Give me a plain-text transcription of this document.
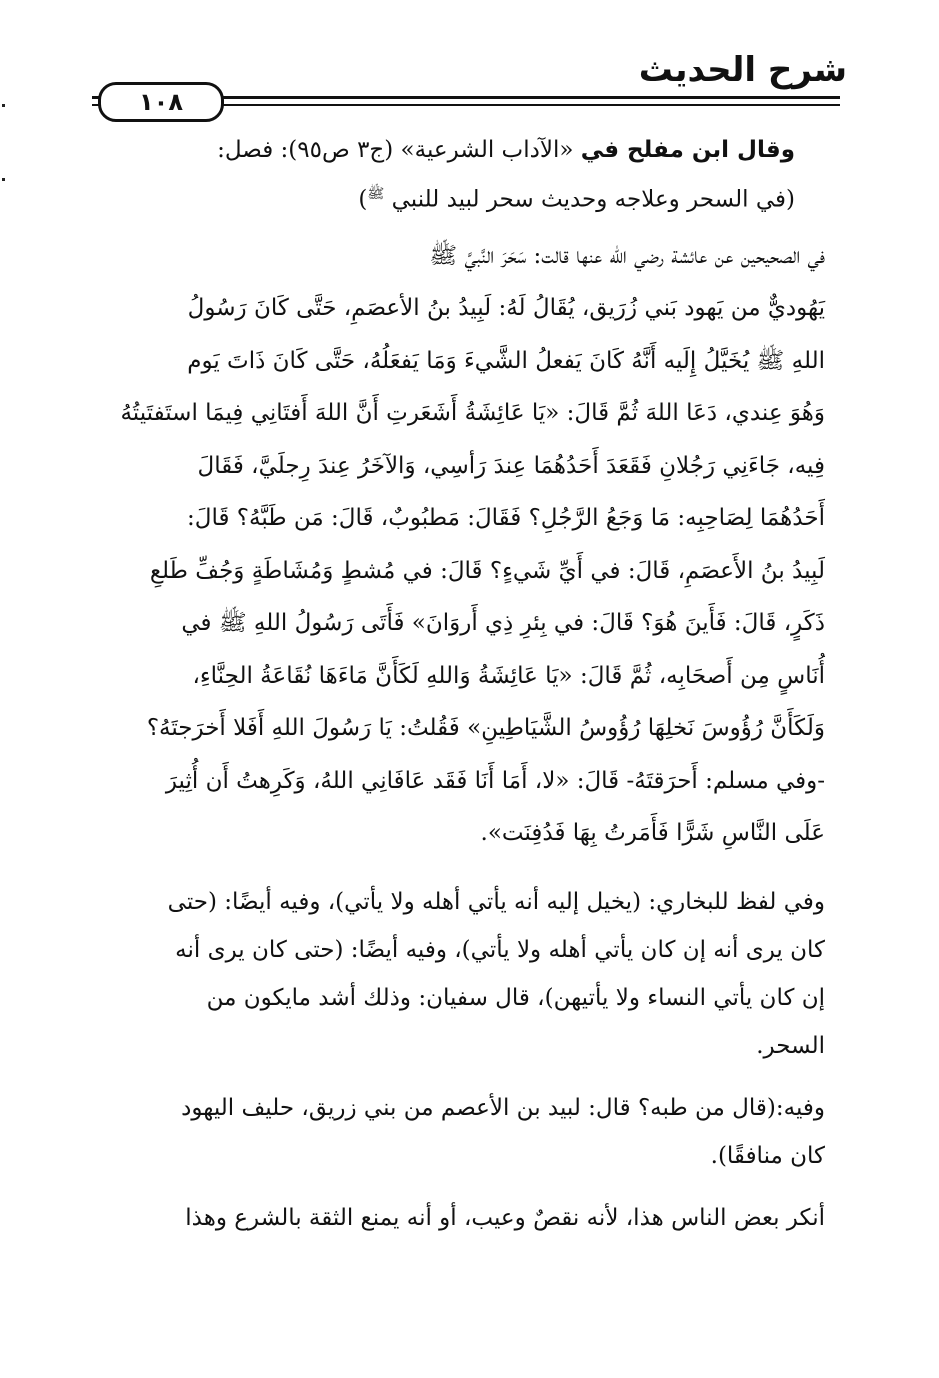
شرح الحديث
١٠٨

وقال ابن مفلح في «الآداب الشرعية» (ج٣ ص٩٥): فصل:
(في السحر وعلاجه وحديث سحر لبيد للنبي $^ﷺ$)

في الصحيحين عن عائشة رضي الله عنها قالت: سَحَرَ النَّبيَّ ﷺ
يَهُوديٌّ من يَهود بَني زُرَيق، يُقَالُ لَهُ: لَبِيدُ بنُ الأعصَمِ، حَتَّى كَانَ رَسُولُ
اللهِ ﷺ يُخَيَّلُ إِلَيه أَنَّهُ كَانَ يَفعلُ الشَّيءَ وَمَا يَفعَلُهُ، حَتَّى كَانَ ذَاتَ يَوم
وَهُوَ عِندي، دَعَا اللهَ ثُمَّ قَالَ: «يَا عَائِشَةُ أَشَعَرتِ أَنَّ اللهَ أَفتَانِي فِيمَا استَفتَيتُهُ
فِيه، جَاءَنِي رَجُلانِ فَقَعَدَ أَحَدُهُمَا عِندَ رَأسِي، وَالآخَرُ عِندَ رِجلَيَّ، فَقَالَ
أَحَدُهُمَا لِصَاحِبِه: مَا وَجَعُ الرَّجُلِ؟ فَقَالَ: مَطبُوبٌ، قَالَ: مَن طَبَّهُ؟ قَالَ:
لَبِيدُ بنُ الأَعصَمِ، قَالَ: في أَيِّ شَيءٍ؟ قَالَ: في مُشطٍ وَمُشَاطَةٍ وَجُفِّ طَلعِ
ذَكَرٍ، قَالَ: فَأَينَ هُوَ؟ قَالَ: في بِئرِ ذِي أَروَانَ» فَأَتَى رَسُولُ اللهِ ﷺ في
أُنَاسٍ مِن أَصحَابِه، ثُمَّ قَالَ: «يَا عَائِشَةُ وَاللهِ لَكَأَنَّ مَاءَهَا نُقَاعَةُ الحِنَّاءِ،
وَلَكَأَنَّ رُؤُوسَ نَخلِهَا رُؤُوسُ الشَّيَاطِينِ» فَقُلتُ: يَا رَسُولَ اللهِ أَفَلا أَخرَجتَهُ؟
-وفي مسلم: أَحرَقتَهُ- قَالَ: «لا، أَمَا أَنَا فَقَد عَافَانِي اللهُ، وَكَرِهتُ أَن أُثِيرَ
عَلَى النَّاسِ شَرًّا فَأَمَرتُ بِهَا فَدُفِنَت».

وفي لفظ للبخاري: (يخيل إليه أنه يأتي أهله ولا يأتي)، وفيه أيضًا: (حتى
كان يرى أنه إن كان يأتي أهله ولا يأتي)، وفيه أيضًا: (حتى كان يرى أنه
إن كان يأتي النساء ولا يأتيهن)، قال سفيان: وذلك أشد مايكون من
السحر.

وفيه:(قال من طبه؟ قال: لبيد بن الأعصم من بني زريق، حليف اليهود
كان منافقًا).

أنكر بعض الناس هذا، لأنه نقصٌ وعيب، أو أنه يمنع الثقة بالشرع وهذا
